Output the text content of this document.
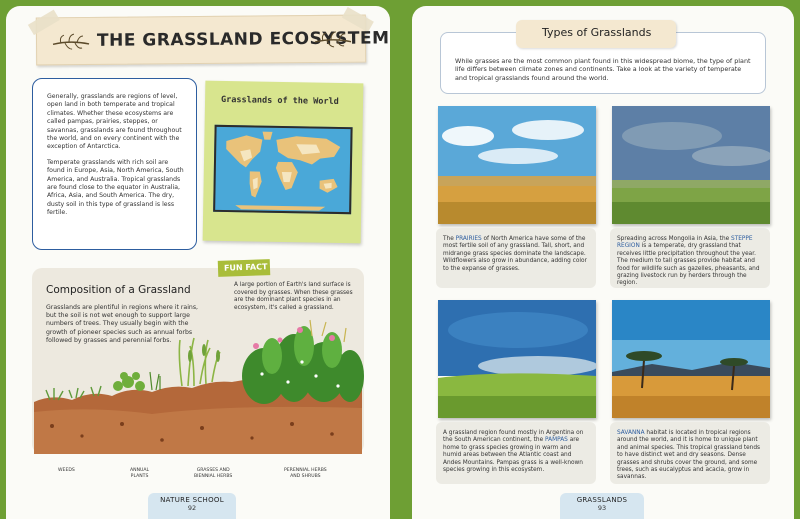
THE GRASSLAND ECOSYSTEM

Generally, grasslands are regions of level, open land in both temperate and tropical climates. Whether these ecosystems are called pampas, prairies, steppes, or savannas, grasslands are found throughout the world, and on every continent with the exception of Antarctica.

Temperate grasslands with rich soil are found in Europe, Asia, North America, South America, and Australia. Tropical grasslands are found close to the equator in Australia, Africa, Asia, and South America. The dry, dusty soil in this type of grassland is less fertile.

Grasslands of the World
Composition of a Grassland

Grasslands are plentiful in regions where it rains, but the soil is not wet enough to support large numbers of trees. They usually begin with the growth of pioneer species such as annual forbs followed by grasses and perennial forbs.

FUN FACT

A large portion of Earth's land surface is covered by grasses. When these grasses are the dominant plant species in an ecosystem, it's called a grassland.

WEEDS	ANNUAL
PLANTS
GRASSES AND
BIENNIAL HERBS
PERENNIAL HERBS
AND SHRUBS
NATURE SCHOOL
92

While grasses are the most common plant found in this widespread biome, the type of plant life differs between climate zones and continents. Take a look at the variety of temperate and tropical grasslands found around the world.

Types of Grasslands
The PRAIRIES of North America have some of the most fertile soil of any grassland. Tall, short, and midrange grass species dominate the landscape. Wildflowers also grow in abundance, adding color to the expanse of grasses.
Spreading across Mongolia in Asia, the STEPPE REGION is a temperate, dry grassland that receives little precipitation throughout the year. The medium to tall grasses provide habitat and food for wildlife such as gazelles, pheasants, and grazing livestock run by herders through the region.
A grassland region found mostly in Argentina on the South American continent, the PAMPAS are home to grass species growing in warm and humid areas between the Atlantic coast and Andes Mountains. Pampas grass is a well-known species growing in this ecosystem.
SAVANNA habitat is located in tropical regions around the world, and it is home to unique plant and animal species. This tropical grassland tends to have distinct wet and dry seasons. Dense grasses and shrubs cover the ground, and some trees, such as eucalyptus and acacia, grow in savannas.
GRASSLANDS
93
